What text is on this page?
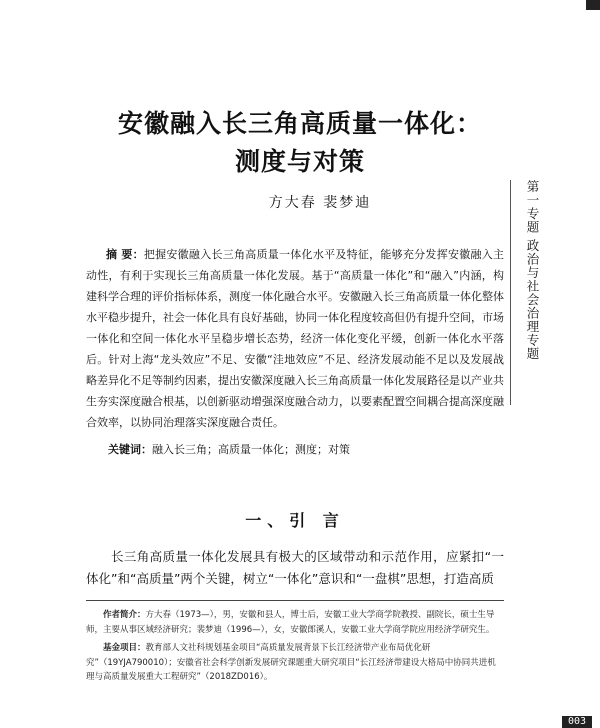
安徽融入长三角高质量一体化：
测度与对策
方大春 裴梦迪
摘 要：把握安徽融入长三角高质量一体化水平及特征，能够充分发挥安徽融入主动性，有利于实现长三角高质量一体化发展。基于“高质量一体化”和“融入”内涵，构建科学合理的评价指标体系，测度一体化融合水平。安徽融入长三角高质量一体化整体水平稳步提升，社会一体化具有良好基础，协同一体化程度较高但仍有提升空间，市场一体化和空间一体化水平呈稳步增长态势，经济一体化变化平缓，创新一体化水平落后。针对上海“龙头效应”不足、安徽“洼地效应”不足、经济发展动能不足以及发展战略差异化不足等制约因素，提出安徽深度融入长三角高质量一体化发展路径是以产业共生夯实深度融合根基，以创新驱动增强深度融合动力，以要素配置空间耦合提高深度融合效率，以协同治理落实深度融合责任。
关键词：融入长三角；高质量一体化；测度；对策
一、引 言
长三角高质量一体化发展具有极大的区域带动和示范作用，应紧扣“一体化”和“高质量”两个关键，树立“一体化”意识和“一盘棋”思想，打造高质

作者简介：方大春（1973—），男，安徽和县人，博士后，安徽工业大学商学院教授、副院长，硕士生导师，主要从事区域经济研究；裴梦迪（1996—），女，安徽郎溪人，安徽工业大学商学院应用经济学研究生。

基金项目：教育部人文社科规划基金项目“高质量发展背景下长江经济带产业布局优化研究”（19YJA790010）；安徽省社会科学创新发展研究课题重大研究项目“长江经济带建设大格局中协同共进机理与高质量发展重大工程研究”（2018ZD016）。

第一专题 政治与社会治理专题
003
